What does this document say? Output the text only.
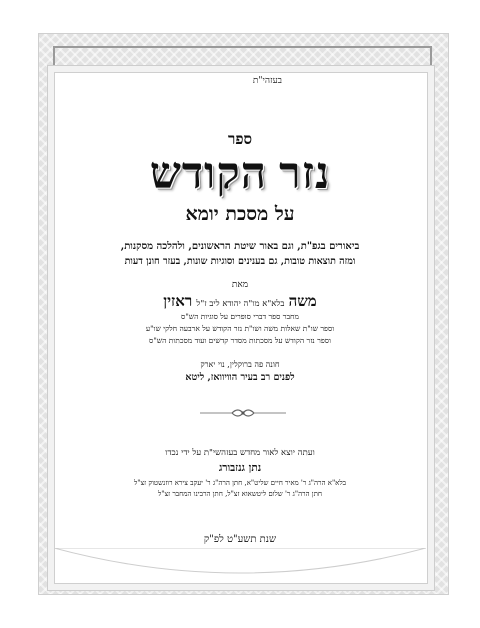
בעזהי"ת
ספר
נזר הקודש
על מסכת יומא
ביאורים בגפ"ת, וגם באור שיטת הראשונים, ולהלכה מסקנות,
ומזה תוצאות טובות, גם בענינים וסוגיות שונות, בעזר חונן דעות
מאת
משה בלא"א מו"ה יהודא ליב ז"ל ראזין
מחבר ספר דברי סופרים על סוגיות הש"ס
וספר שו"ת שאלות משה ושו"ת נזר הקודש על ארבעה חלקי שו"ע
וספר נזר הקודש על מסכתות מסדר קדשים ועוד מסכתות הש"ס
חונה פה ברוקלין, נוי יארק
לפנים רב בעיר הוויוואז, ליטא
ועתה יוצא לאור מחדש בעזהשי"ת על ידי נכדו
נתן גנזבורג
בלא"א הרה"ג ר' מאיר חיים שליט"א, חתן הרה"ג ר' יעקב צירא רוזנשטוק זצ"ל
חתן הרה"ג ר' שלום ליטשאוא זצ"ל, חתן הרבינו המחבר זצ"ל
שנת תשע"ט לפ"ק
